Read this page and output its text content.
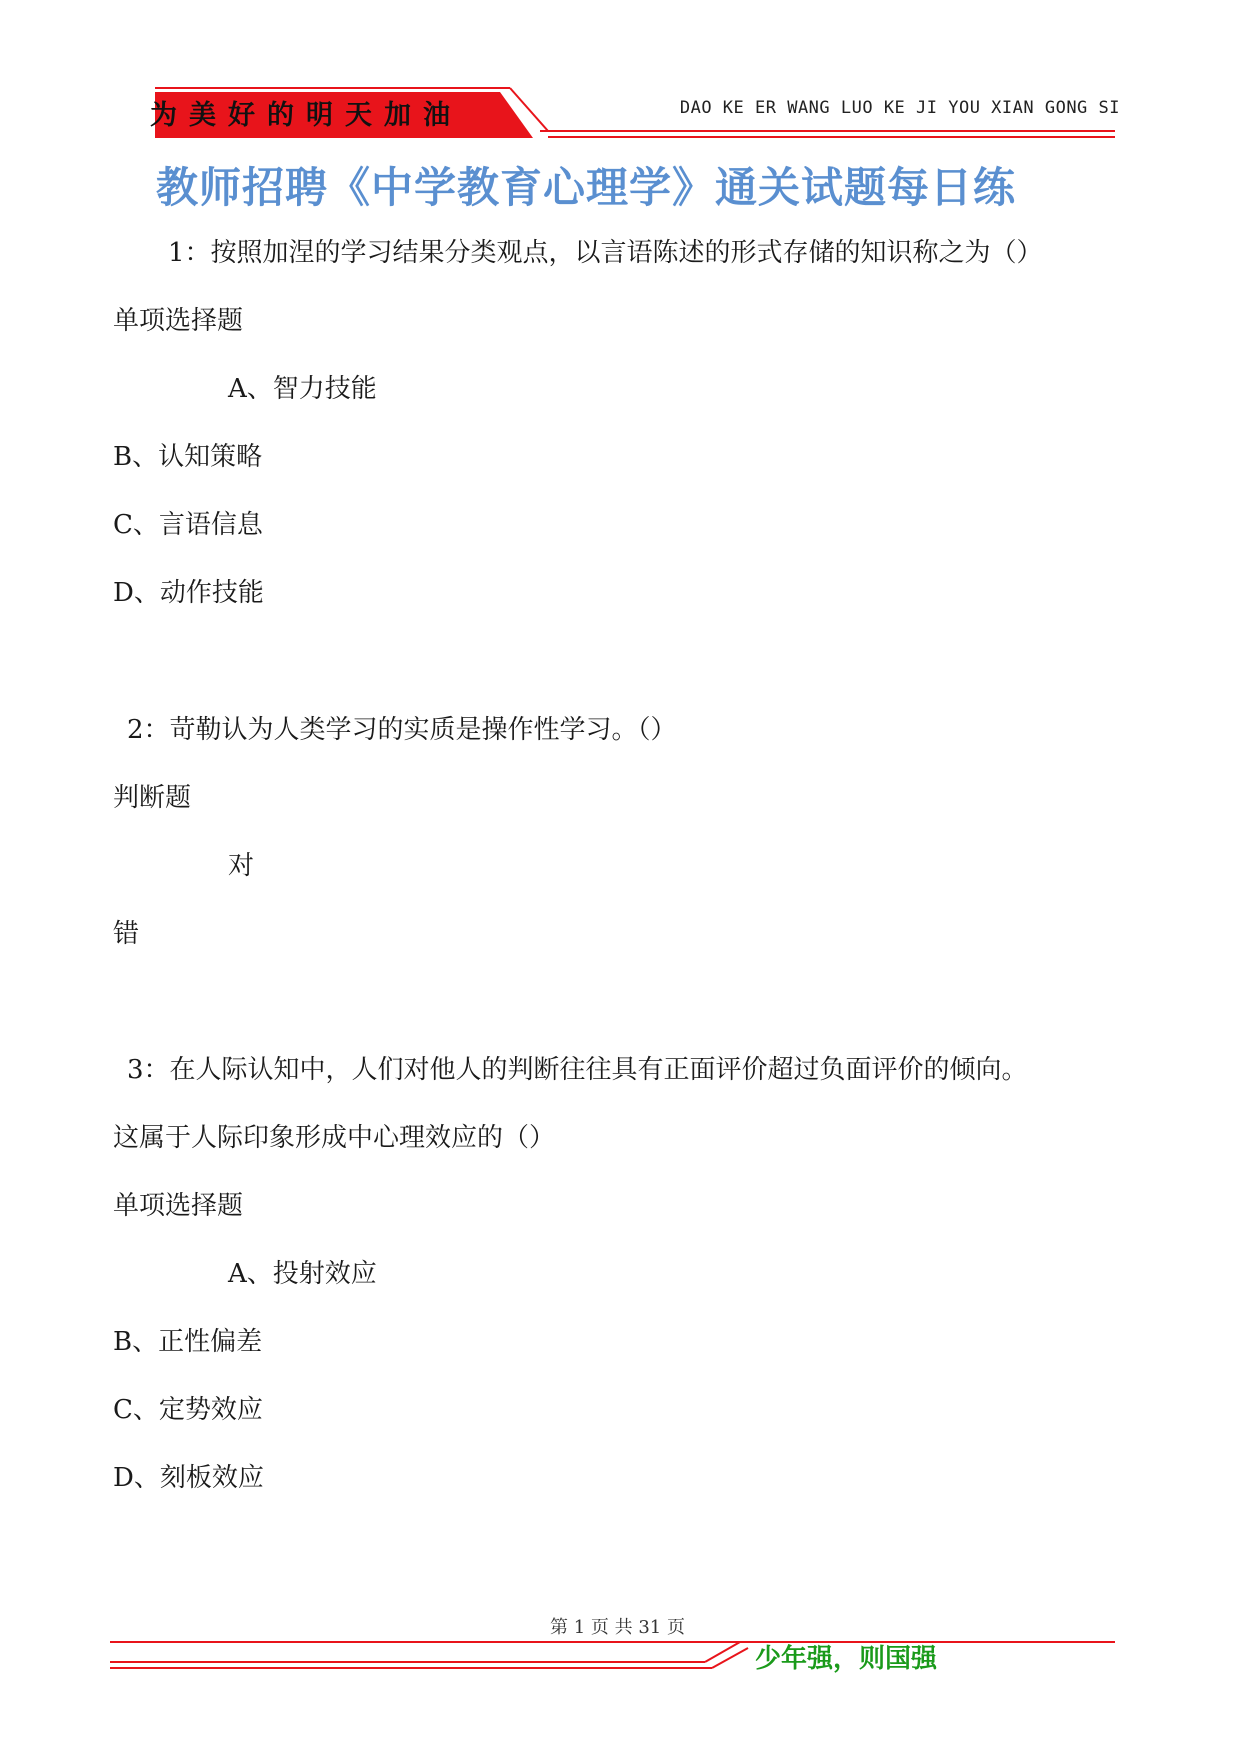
为美好的明天加油	DAO KE ER WANG LUO KE JI YOU XIAN GONG SI
教师招聘《中学教育心理学》通关试题每日练
1：按照加涅的学习结果分类观点，以言语陈述的形式存储的知识称之为（）
单项选择题
A、智力技能
B、认知策略
C、言语信息
D、动作技能
2：苛勒认为人类学习的实质是操作性学习。（）
判断题
对
错
3：在人际认知中，人们对他人的判断往往具有正面评价超过负面评价的倾向。
这属于人际印象形成中心理效应的（）
单项选择题
A、投射效应
B、正性偏差
C、定势效应
D、刻板效应
第 1 页 共 31 页
少年强，则国强
